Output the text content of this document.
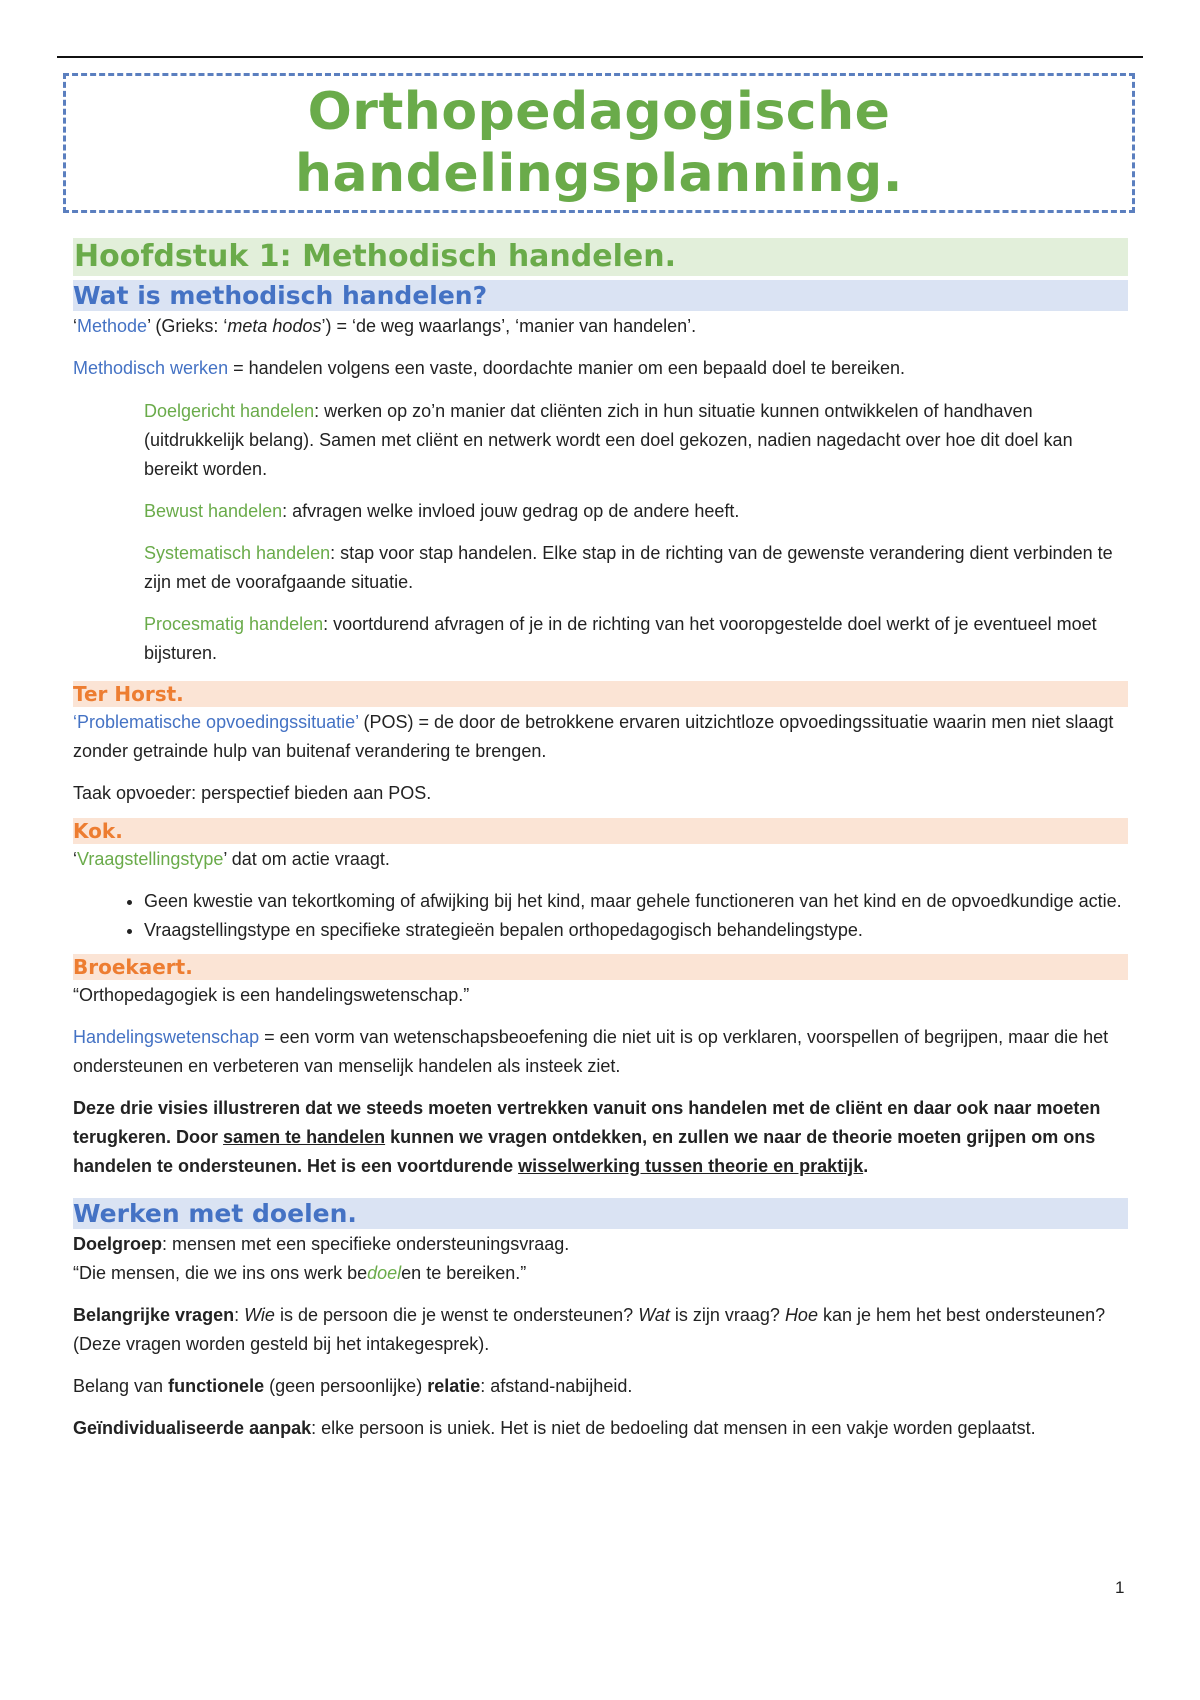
Orthopedagogische
handelingsplanning.
Hoofdstuk 1: Methodisch handelen.
Wat is methodisch handelen?

‘Methode’ (Grieks: ‘meta hodos’) = ‘de weg waarlangs’, ‘manier van handelen’.

Methodisch werken = handelen volgens een vaste, doordachte manier om een bepaald doel te bereiken.

Doelgericht handelen: werken op zo’n manier dat cliënten zich in hun situatie kunnen ontwikkelen of handhaven (uitdrukkelijk belang). Samen met cliënt en netwerk wordt een doel gekozen, nadien nagedacht over hoe dit doel kan bereikt worden.

Bewust handelen: afvragen welke invloed jouw gedrag op de andere heeft.

Systematisch handelen: stap voor stap handelen. Elke stap in de richting van de gewenste verandering dient verbinden te zijn met de voorafgaande situatie.

Procesmatig handelen: voortdurend afvragen of je in de richting van het vooropgestelde doel werkt of je eventueel moet bijsturen.

Ter Horst.

‘Problematische opvoedingssituatie’ (POS) = de door de betrokkene ervaren uitzichtloze opvoedingssituatie waarin men niet slaagt zonder getrainde hulp van buitenaf verandering te brengen.

Taak opvoeder: perspectief bieden aan POS.

Kok.

‘Vraagstellingstype’ dat om actie vraagt.

• Geen kwestie van tekortkoming of afwijking bij het kind, maar gehele functioneren van het kind en de opvoedkundige actie.
• Vraagstellingstype en specifieke strategieën bepalen orthopedagogisch behandelingstype.
Broekaert.

“Orthopedagogiek is een handelingswetenschap.”

Handelingswetenschap = een vorm van wetenschapsbeoefening die niet uit is op verklaren, voorspellen of begrijpen, maar die het ondersteunen en verbeteren van menselijk handelen als insteek ziet.

Deze drie visies illustreren dat we steeds moeten vertrekken vanuit ons handelen met de cliënt en daar ook naar moeten terugkeren. Door samen te handelen kunnen we vragen ontdekken, en zullen we naar de theorie moeten grijpen om ons handelen te ondersteunen. Het is een voortdurende wisselwerking tussen theorie en praktijk.

Werken met doelen.

Doelgroep: mensen met een specifieke ondersteuningsvraag.

“Die mensen, die we ins ons werk bedoelen te bereiken.”

Belangrijke vragen: Wie is de persoon die je wenst te ondersteunen? Wat is zijn vraag? Hoe kan je hem het best ondersteunen? (Deze vragen worden gesteld bij het intakegesprek).

Belang van functionele (geen persoonlijke) relatie: afstand-nabijheid.

Geïndividualiseerde aanpak: elke persoon is uniek. Het is niet de bedoeling dat mensen in een vakje worden geplaatst.

1
